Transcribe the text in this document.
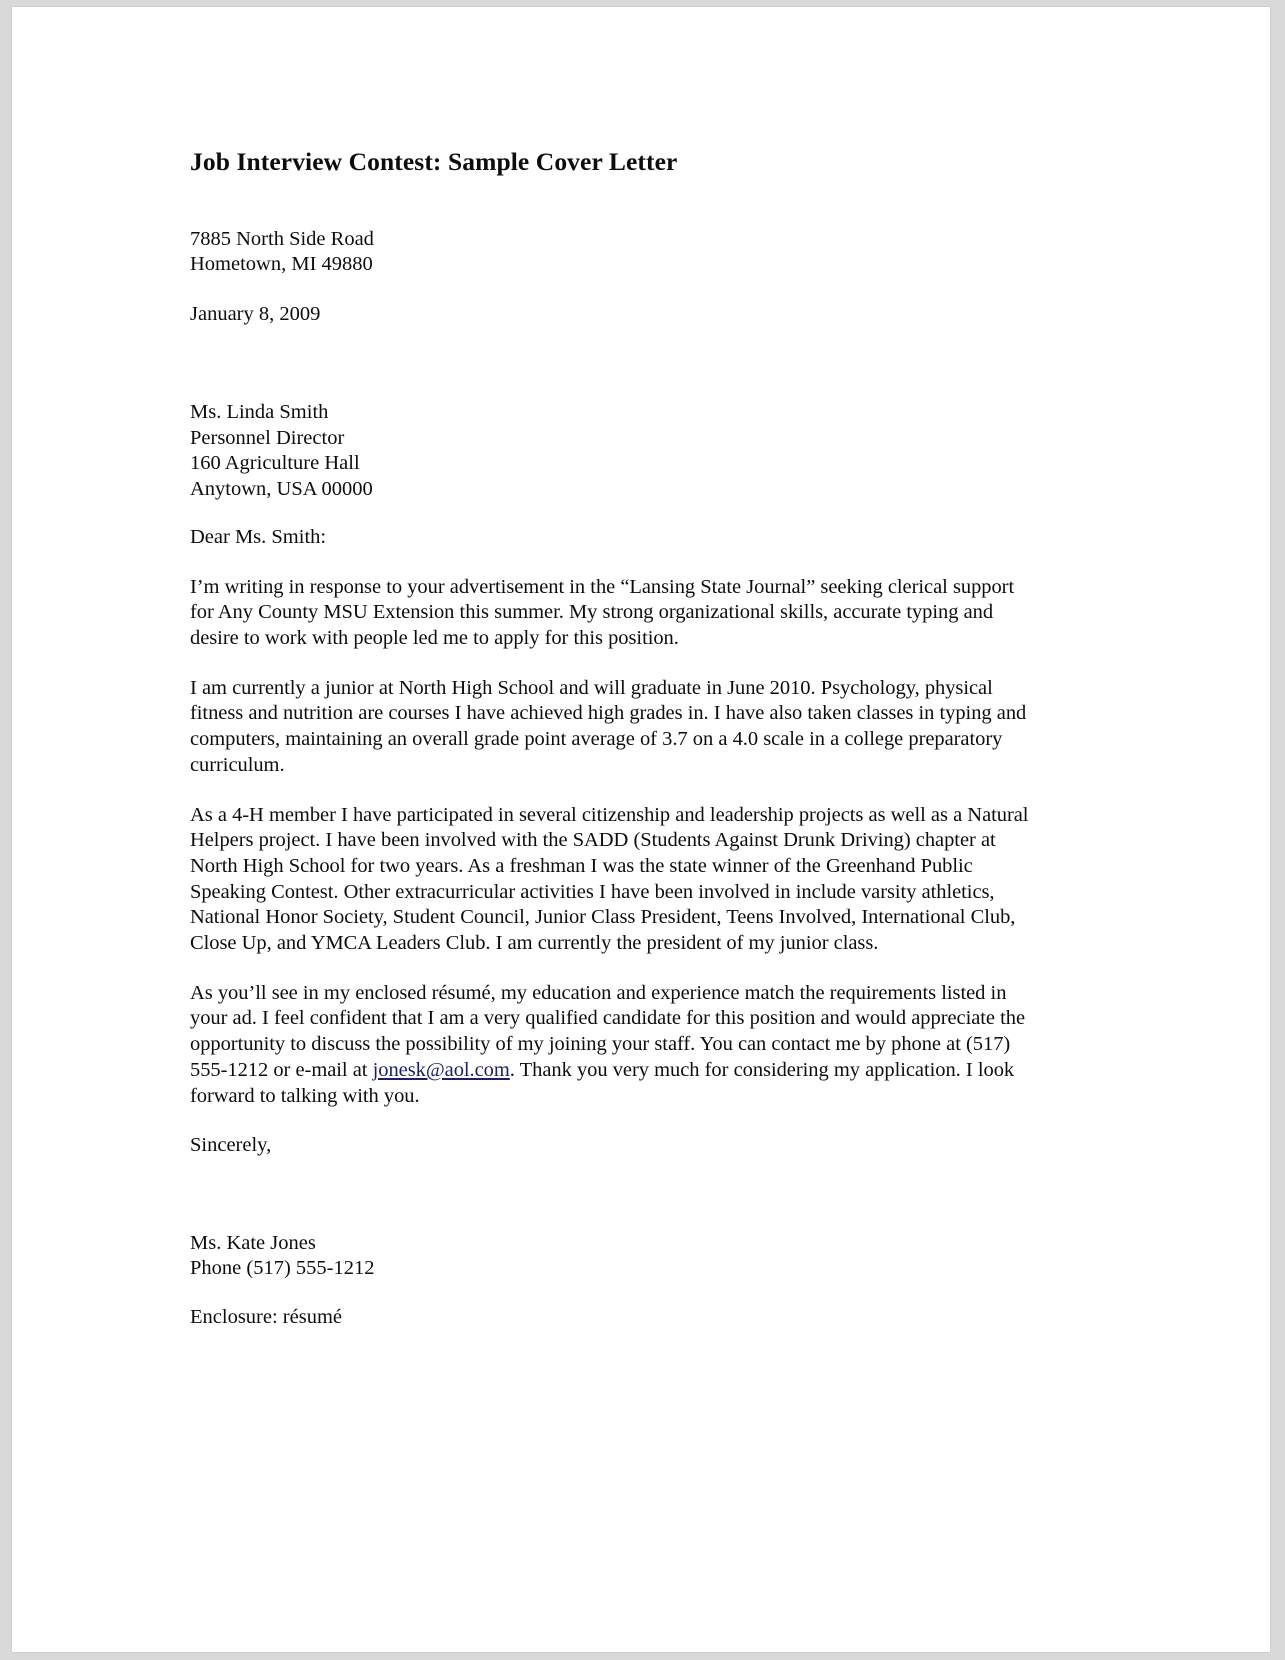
Job Interview Contest: Sample Cover Letter
7885 North Side Road
Hometown, MI 49880
January 8, 2009
Ms. Linda Smith
Personnel Director
160 Agriculture Hall
Anytown, USA 00000
Dear Ms. Smith:

I’m writing in response to your advertisement in the “Lansing State Journal” seeking clerical support for Any County MSU Extension this summer. My strong organizational skills, accurate typing and desire to work with people led me to apply for this position.

I am currently a junior at North High School and will graduate in June 2010. Psychology, physical fitness and nutrition are courses I have achieved high grades in. I have also taken classes in typing and computers, maintaining an overall grade point average of 3.7 on a 4.0 scale in a college preparatory curriculum.

As a 4-H member I have participated in several citizenship and leadership projects as well as a Natural Helpers project. I have been involved with the SADD (Students Against Drunk Driving) chapter at North High School for two years. As a freshman I was the state winner of the Greenhand Public Speaking Contest. Other extracurricular activities I have been involved in include varsity athletics, National Honor Society, Student Council, Junior Class President, Teens Involved, International Club, Close Up, and YMCA Leaders Club. I am currently the president of my junior class.

As you’ll see in my enclosed résumé, my education and experience match the requirements listed in your ad. I feel confident that I am a very qualified candidate for this position and would appreciate the opportunity to discuss the possibility of my joining your staff. You can contact me by phone at (517) 555-1212 or e-mail at jonesk@aol.com. Thank you very much for considering my application. I look forward to talking with you.

Sincerely,
Ms. Kate Jones
Phone (517) 555-1212
Enclosure: résumé
